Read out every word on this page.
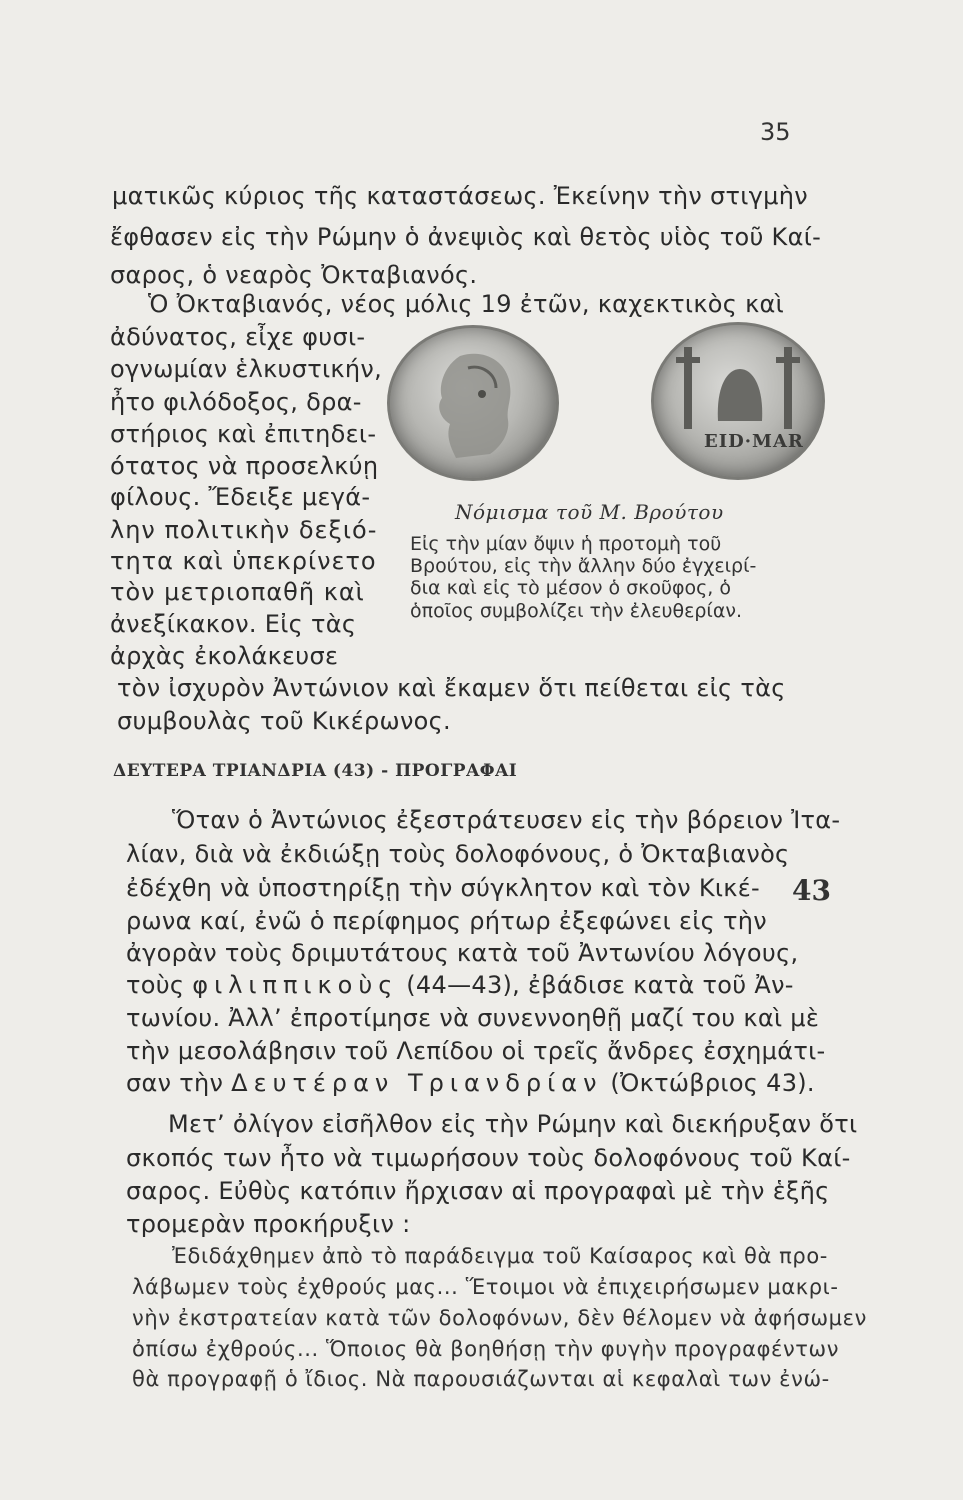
35
ματικῶς κύριος τῆς καταστάσεως. Ἐκείνην τὴν στιγμὴν
ἔφθασεν εἰς τὴν Ρώμην ὁ ἀνεψιὸς καὶ θετὸς υἱὸς τοῦ Καί-
σαρος, ὁ νεαρὸς Ὀκταβιανός.
Ὁ Ὀκταβιανός, νέος μόλις 19 ἐτῶν, καχεκτικὸς καὶ
ἀδύνατος, εἶχε φυσι-
ογνωμίαν ἑλκυστικήν,
ἦτο φιλόδοξος, δρα-
στήριος καὶ ἐπιτηδει-
ότατος νὰ προσελκύῃ
φίλους. Ἔδειξε μεγά-
λην πολιτικὴν δεξιό-
τητα καὶ ὑπεκρίνετο
τὸν μετριοπαθῆ καὶ
ἀνεξίκακον. Εἰς τὰς
ἀρχὰς ἐκολάκευσε
EID·MAR
Νόμισμα τοῦ Μ. Βρούτου
Εἰς τὴν μίαν ὄψιν ἡ προτομὴ τοῦ
Βρούτου, εἰς τὴν ἄλλην δύο ἐγχειρί-
δια καὶ εἰς τὸ μέσον ὁ σκοῦφος, ὁ
ὁποῖος συμβολίζει τὴν ἐλευθερίαν.
τὸν ἰσχυρὸν Ἀντώνιον καὶ ἔκαμεν ὅτι πείθεται εἰς τὰς
συμβουλὰς τοῦ Κικέρωνος.
ΔΕΥΤΕΡΑ ΤΡΙΑΝΔΡΙΑ (43) - ΠΡΟΓΡΑΦΑΙ
Ὅταν ὁ Ἀντώνιος ἐξεστράτευσεν εἰς τὴν βόρειον Ἰτα-
λίαν, διὰ νὰ ἐκδιώξῃ τοὺς δολοφόνους, ὁ Ὀκταβιανὸς
ἐδέχθη νὰ ὑποστηρίξῃ τὴν σύγκλητον καὶ τὸν Κικέ-
ρωνα καί, ἐνῶ ὁ περίφημος ρήτωρ ἐξεφώνει εἰς τὴν
ἀγορὰν τοὺς δριμυτάτους κατὰ τοῦ Ἀντωνίου λόγους,
τοὺς φιλιππικοὺς (44—43), ἐβάδισε κατὰ τοῦ Ἀν-
τωνίου. Ἀλλ’ ἐπροτίμησε νὰ συνεννοηθῇ μαζί του καὶ μὲ
τὴν μεσολάβησιν τοῦ Λεπίδου οἱ τρεῖς ἄνδρες ἐσχημάτι-
σαν τὴν Δευτέραν Τριανδρίαν (Ὀκτώβριος 43).
43
Μετ’ ὀλίγον εἰσῆλθον εἰς τὴν Ρώμην καὶ διεκήρυξαν ὅτι
σκοπός των ἦτο νὰ τιμωρήσουν τοὺς δολοφόνους τοῦ Καί-
σαρος. Εὐθὺς κατόπιν ἤρχισαν αἱ προγραφαὶ μὲ τὴν ἑξῆς
τρομερὰν προκήρυξιν :
Ἐδιδάχθημεν ἀπὸ τὸ παράδειγμα τοῦ Καίσαρος καὶ θὰ προ-
λάβωμεν τοὺς ἐχθρούς μας... Ἕτοιμοι νὰ ἐπιχειρήσωμεν μακρι-
νὴν ἐκστρατείαν κατὰ τῶν δολοφόνων, δὲν θέλομεν νὰ ἀφήσωμεν
ὀπίσω ἐχθρούς... Ὅποιος θὰ βοηθήσῃ τὴν φυγὴν προγραφέντων
θὰ προγραφῇ ὁ ἴδιος. Νὰ παρουσιάζωνται αἱ κεφαλαὶ των ἐνώ-
